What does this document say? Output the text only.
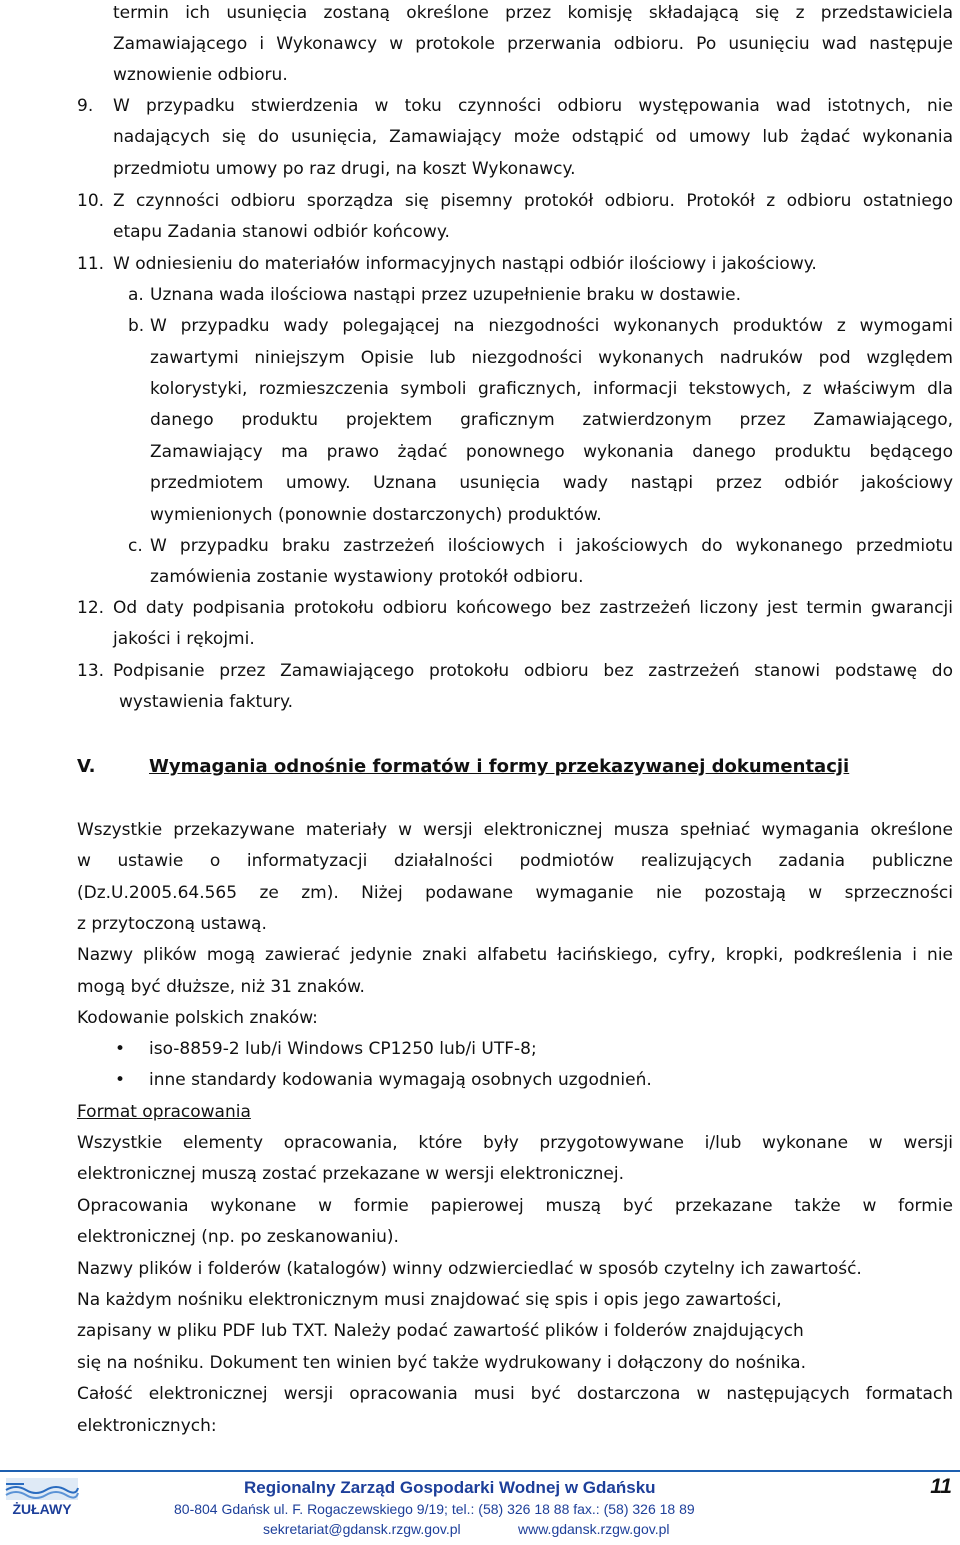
termin ich usunięcia zostaną określone przez komisję składającą się z przedstawiciela
Zamawiającego i Wykonawcy w protokole przerwania odbioru. Po usunięciu wad następuje
wznowienie odbioru.
9. W przypadku stwierdzenia w toku czynności odbioru występowania wad istotnych, nie
nadających się do usunięcia, Zamawiający może odstąpić od umowy lub żądać wykonania
przedmiotu umowy po raz drugi, na koszt Wykonawcy.
10. Z czynności odbioru sporządza się pisemny protokół odbioru. Protokół z odbioru ostatniego
etapu Zadania stanowi odbiór końcowy.
11. W odniesieniu do materiałów informacyjnych nastąpi odbiór ilościowy i jakościowy.
a. Uznana wada ilościowa nastąpi przez uzupełnienie braku w dostawie.
b. W przypadku wady polegającej na niezgodności wykonanych produktów z wymogami
zawartymi niniejszym Opisie lub niezgodności wykonanych nadruków pod względem
kolorystyki, rozmieszczenia symboli graficznych, informacji tekstowych, z właściwym dla
danego produktu projektem graficznym zatwierdzonym przez Zamawiającego,
Zamawiający ma prawo żądać ponownego wykonania danego produktu będącego
przedmiotem umowy. Uznana usunięcia wady nastąpi przez odbiór jakościowy
wymienionych (ponownie dostarczonych) produktów.
c. W przypadku braku zastrzeżeń ilościowych i jakościowych do wykonanego przedmiotu
zamówienia zostanie wystawiony protokół odbioru.
12. Od daty podpisania protokołu odbioru końcowego bez zastrzeżeń liczony jest termin gwarancji
jakości i rękojmi.
13. Podpisanie przez Zamawiającego protokołu odbioru bez zastrzeżeń stanowi podstawę do
wystawienia faktury.
V.	Wymagania odnośnie formatów i formy przekazywanej dokumentacji
Wszystkie przekazywane materiały w wersji elektronicznej musza spełniać wymagania określone
w ustawie o informatyzacji działalności podmiotów realizujących zadania publiczne
(Dz.U.2005.64.565 ze zm). Niżej podawane wymaganie nie pozostają w sprzeczności
z przytoczoną ustawą.
Nazwy plików mogą zawierać jedynie znaki alfabetu łacińskiego, cyfry, kropki, podkreślenia i nie
mogą być dłuższe, niż 31 znaków.
Kodowanie polskich znaków:
• iso-8859-2 lub/i Windows CP1250 lub/i UTF-8;
• inne standardy kodowania wymagają osobnych uzgodnień.
Format opracowania
Wszystkie elementy opracowania, które były przygotowywane i/lub wykonane w wersji
elektronicznej muszą zostać przekazane w wersji elektronicznej.
Opracowania wykonane w formie papierowej muszą być przekazane także w formie
elektronicznej (np. po zeskanowaniu).
Nazwy plików i folderów (katalogów) winny odzwierciedlać w sposób czytelny ich zawartość.
Na każdym nośniku elektronicznym musi znajdować się spis i opis jego zawartości,
zapisany w pliku PDF lub TXT. Należy podać zawartość plików i folderów znajdujących
się na nośniku. Dokument ten winien być także wydrukowany i dołączony do nośnika.
Całość elektronicznej wersji opracowania musi być dostarczona w następujących formatach
elektronicznych:
ŻUŁAWY
Regionalny Zarząd Gospodarki Wodnej w Gdańsku
80-804 Gdańsk ul. F. Rogaczewskiego 9/19; tel.: (58) 326 18 88 fax.: (58) 326 18 89
sekretariat@gdansk.rzgw.gov.pl	www.gdansk.rzgw.gov.pl
11
